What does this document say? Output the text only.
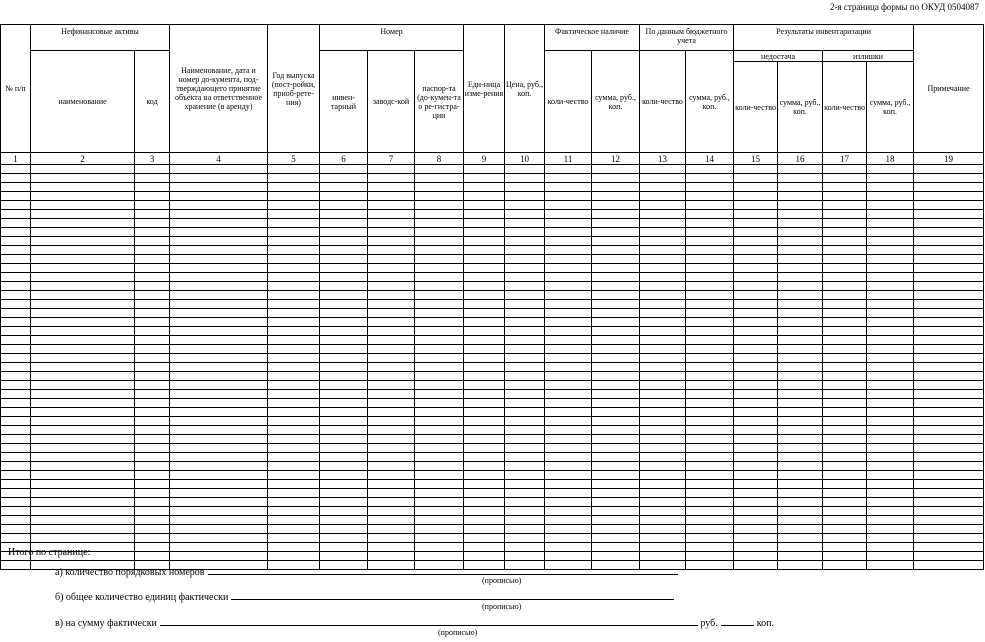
2-я страница формы по ОКУД 0504087
№ п/п	Нефинансовые активы		Наименование, дата и номер до-кумента, под-тверждающего принятие объекта на ответственное хранение (в аренду)	Год выпуска (пост-ройки, приоб-рете-ния)	Номер			Еди-ница изме-рения	Цена, руб., коп.	Фактическое наличие		По данным бюджетного учета		Результаты инвентаризации				Примечание
	наименование	код			инвен-тарный	заводс-кой	паспор-та (до-кумен-та о ре-гистра-ции			коли-чество	сумма, руб., коп.	коли-чество	сумма, руб., коп.	недостача		излишки		
														коли-чество	сумма, руб., коп.	коли-чество	сумма, руб., коп.	
1	2	3	4	5	6	7	8	9	10	11	12	13	14	15	16	17	18	19

Итого по странице:
а) количество порядковых номеров
(прописью)
б) общее количество единиц фактически
(прописью)
в) на сумму фактически	руб.	коп.
(прописью)
